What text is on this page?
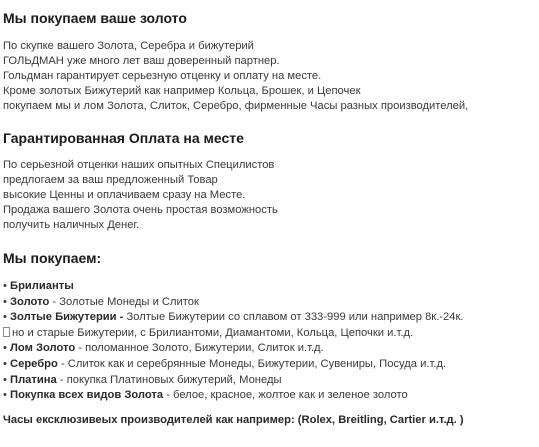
Мы покупаем ваше золото
По скупке вашего Золота, Серебра и бижутерий
ГОЛЬДМАН уже много лет ваш доверенный партнер.
Гольдман гарантирует серьезную отценку и оплату на месте.
Кроме золотых Бижутерий как например Кольца, Брошек, и Цепочек
покупаем мы и лом Золота, Слиток, Серебро, фирменные Часы разных производителей,
Гарантированная Оплата на месте
По серьезной отценки наших опытных Специлистов
предлогаем за ваш предложенный Товар
высокие Ценны и оплачиваем сразу на Месте.
Продажа вашего Золота очень простая возможность
получить наличных Денег.
Мы покупаем:
• Брилианты
• Золото - Золотые Монеды и Слиток
• Золтые Бижутерии - Золтые Бижутерии со сплавом от 333-999 или например 8к.-24к.
но и старые Бижутерии, с Брилиантоми, Диамантоми, Кольца, Цепочки и.т.д.
• Лом Золото - поломанное Золото, Бижутерии, Слиток и.т.д.
• Серебро - Слиток как и серебрянные Монеды, Бижутерии, Сувениры, Посуда и.т.д.
• Платина - покупка Платиновых бижутерий, Монеды
• Покупка всех видов Золота - белое, красное, жолтое как и зеленое золото
Часы ексклюзивеых производителей как например: (Rolex, Breitling, Cartier и.т.д. )
